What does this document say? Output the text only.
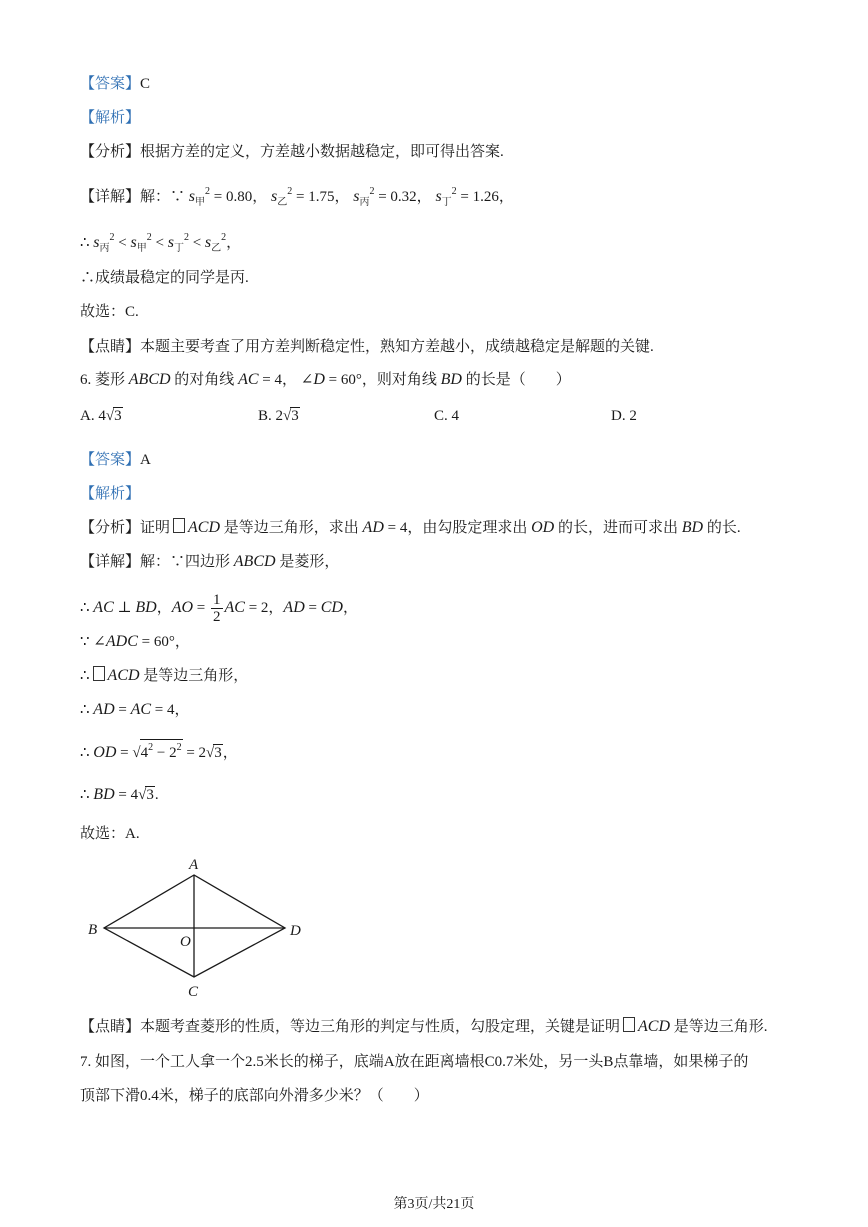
【答案】C
【解析】
【分析】根据方差的定义，方差越小数据越稳定，即可得出答案.
【详解】解：∵ $s_甲^2 = 0.80$， $s_乙^2 = 1.75$， $s_丙^2 = 0.32$， $s_丁^2 = 1.26$，
∴ $s_丙^2 < s_甲^2 < s_丁^2 < s_乙^2$，
∴成绩最稳定的同学是丙.
故选：C.
【点睛】本题主要考查了用方差判断稳定性，熟知方差越小，成绩越稳定是解题的关键.
6. 菱形 ABCD 的对角线 AC = 4， ∠D = 60°，则对角线 BD 的长是（　　）
A. 4√3	B. 2√3	C. 4	D. 2
【答案】A
【解析】
【分析】证明 ACD 是等边三角形，求出 AD = 4，由勾股定理求出 OD 的长，进而可求出 BD 的长.
【详解】解：∵四边形 ABCD 是菱形，
∴ AC ⊥ BD，AO = $\frac{1}{2}$ AC = 2，AD = CD，
∵ ∠ADC = 60°，
∴ ACD 是等边三角形，
∴ AD = AC = 4，
∴ OD = $√4^2 - 2^2 = 2√3$，
∴ BD = 4√3.
故选：A.
A
B
C
D
O
【点睛】本题考查菱形的性质，等边三角形的判定与性质，勾股定理，关键是证明 ACD 是等边三角形.
7. 如图，一个工人拿一个2.5米长的梯子，底端A放在距离墙根C0.7米处，另一头B点靠墙，如果梯子的
顶部下滑0.4米，梯子的底部向外滑多少米？（　　）
第3页/共21页
